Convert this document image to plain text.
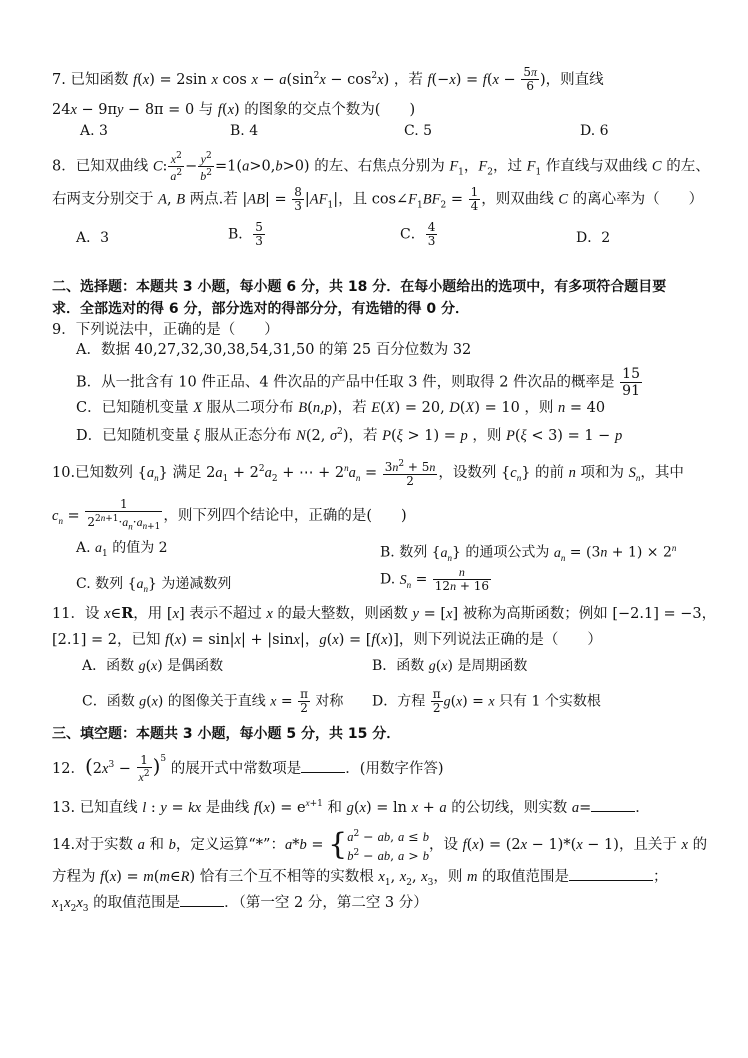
7. 已知函数 f(x) = 2sin x $\cos x - a(\sin^2x - \cos^2x)$ ，若 $f(-x) = f(x - \frac{5\pi}{6}$ )，则直线
24x − 9πy − 8π = 0 与 f(x) 的图象的交点个数为(　　)
A. 3	B. 4	C. 5	D. 6
8．已知双曲线 C: $\frac{x^2}{a^2} - \frac{y^2}{b^2} =1(a>0,b>0)$ 的左、右焦点分别为 $F_1$，$F_2$，过 $F_1$ 作直线与双曲线 C 的左、
右两支分别交于 A, B 两点.若 $|AB| = \frac{8}{3} |AF_1|$，且 $\cos\angle F_1BF_2 = \frac{1}{4}$ ，则双曲线 C 的离心率为（　　）
A．3	B． $\frac{5}{3}$	C． $\frac{4}{3}$	D．2
二、选择题：本题共 3 小题，每小题 6 分，共 18 分．在每小题给出的选项中，有多项符合题目要
求．全部选对的得 6 分，部分选对的得部分分，有选错的得 0 分．
9．下列说法中，正确的是（　　）
A．数据 40,27,32,30,38,54,31,50 的第 25 百分位数为 32
B．从一批含有 10 件正品、4 件次品的产品中任取 3 件，则取得 2 件次品的概率是 $\frac{15}{91}$
C．已知随机变量 X 服从二项分布 B(n,p)，若 E(X) = 20, D(X) = 10 ，则 n = 40
D．已知随机变量 ξ 服从正态分布 N(2, $\sigma^2$)，若 P(ξ > 1) = p ，则 P(ξ < 3) = 1 − p
10.已知数列 $\{a_n\}$ 满足 $2a_1 + 2^2a_2$ + ⋯ + $2^na_n = \frac{3n^2 + 5n}{2}$ ，设数列 $\{c_n\}$ 的前 n 项和为 $S_n$，其中
$c_n = \frac{1}{2^{2n+1}\cdot a_n\cdot a_{n+1}}$ ，则下列四个结论中，正确的是(　　)
A. $a_1$ 的值为 2	B. 数列 $\{a_n\}$ 的通项公式为 $a_n = (3n + 1) \times 2^n$
C. 数列 $\{a_n\}$ 为递减数列	D. $S_n = \frac{n}{12n + 16}$
11．设 x∈R，用 [x] 表示不超过 x 的最大整数，则函数 y = [x] 被称为高斯函数；例如 [−2.1] = −3，
[2.1] = 2，已知 f(x) = sin|x| + |sinx|，g(x) = [f(x)]，则下列说法正确的是（　　）
A．函数 g(x) 是偶函数	B．函数 g(x) 是周期函数
C．函数 g(x) 的图像关于直线 $x = \frac{\pi}{2}$ 对称 D．方程 $\frac{\pi}{2} g(x) = x$ 只有 1 个实数根
三、填空题：本题共 3 小题，每小题 5 分，共 15 分．
12．$(2x^3 - \frac{1}{x^2} )^5$ 的展开式中常数项是	．(用数字作答)
13. 已知直线 l : y = kx 是曲线 $f(x) = e^{x+1}$ 和 g(x) = ln x + a 的公切线，则实数 a=	．
14.对于实数 a 和 b，定义运算“*”：a*b = { $a^2$ − ab, a ≤ b
$b^2$ − ab, a > b
，设 f(x) = (2x − 1)*(x − 1)，且关于 x 的
方程为 f(x) = m(m∈R) 恰有三个互不相等的实数根 $x_1$, $x_2$, $x_3$，则 m 的取值范围是	；
$x_1x_2x_3$ 的取值范围是	．（第一空 2 分，第二空 3 分）
